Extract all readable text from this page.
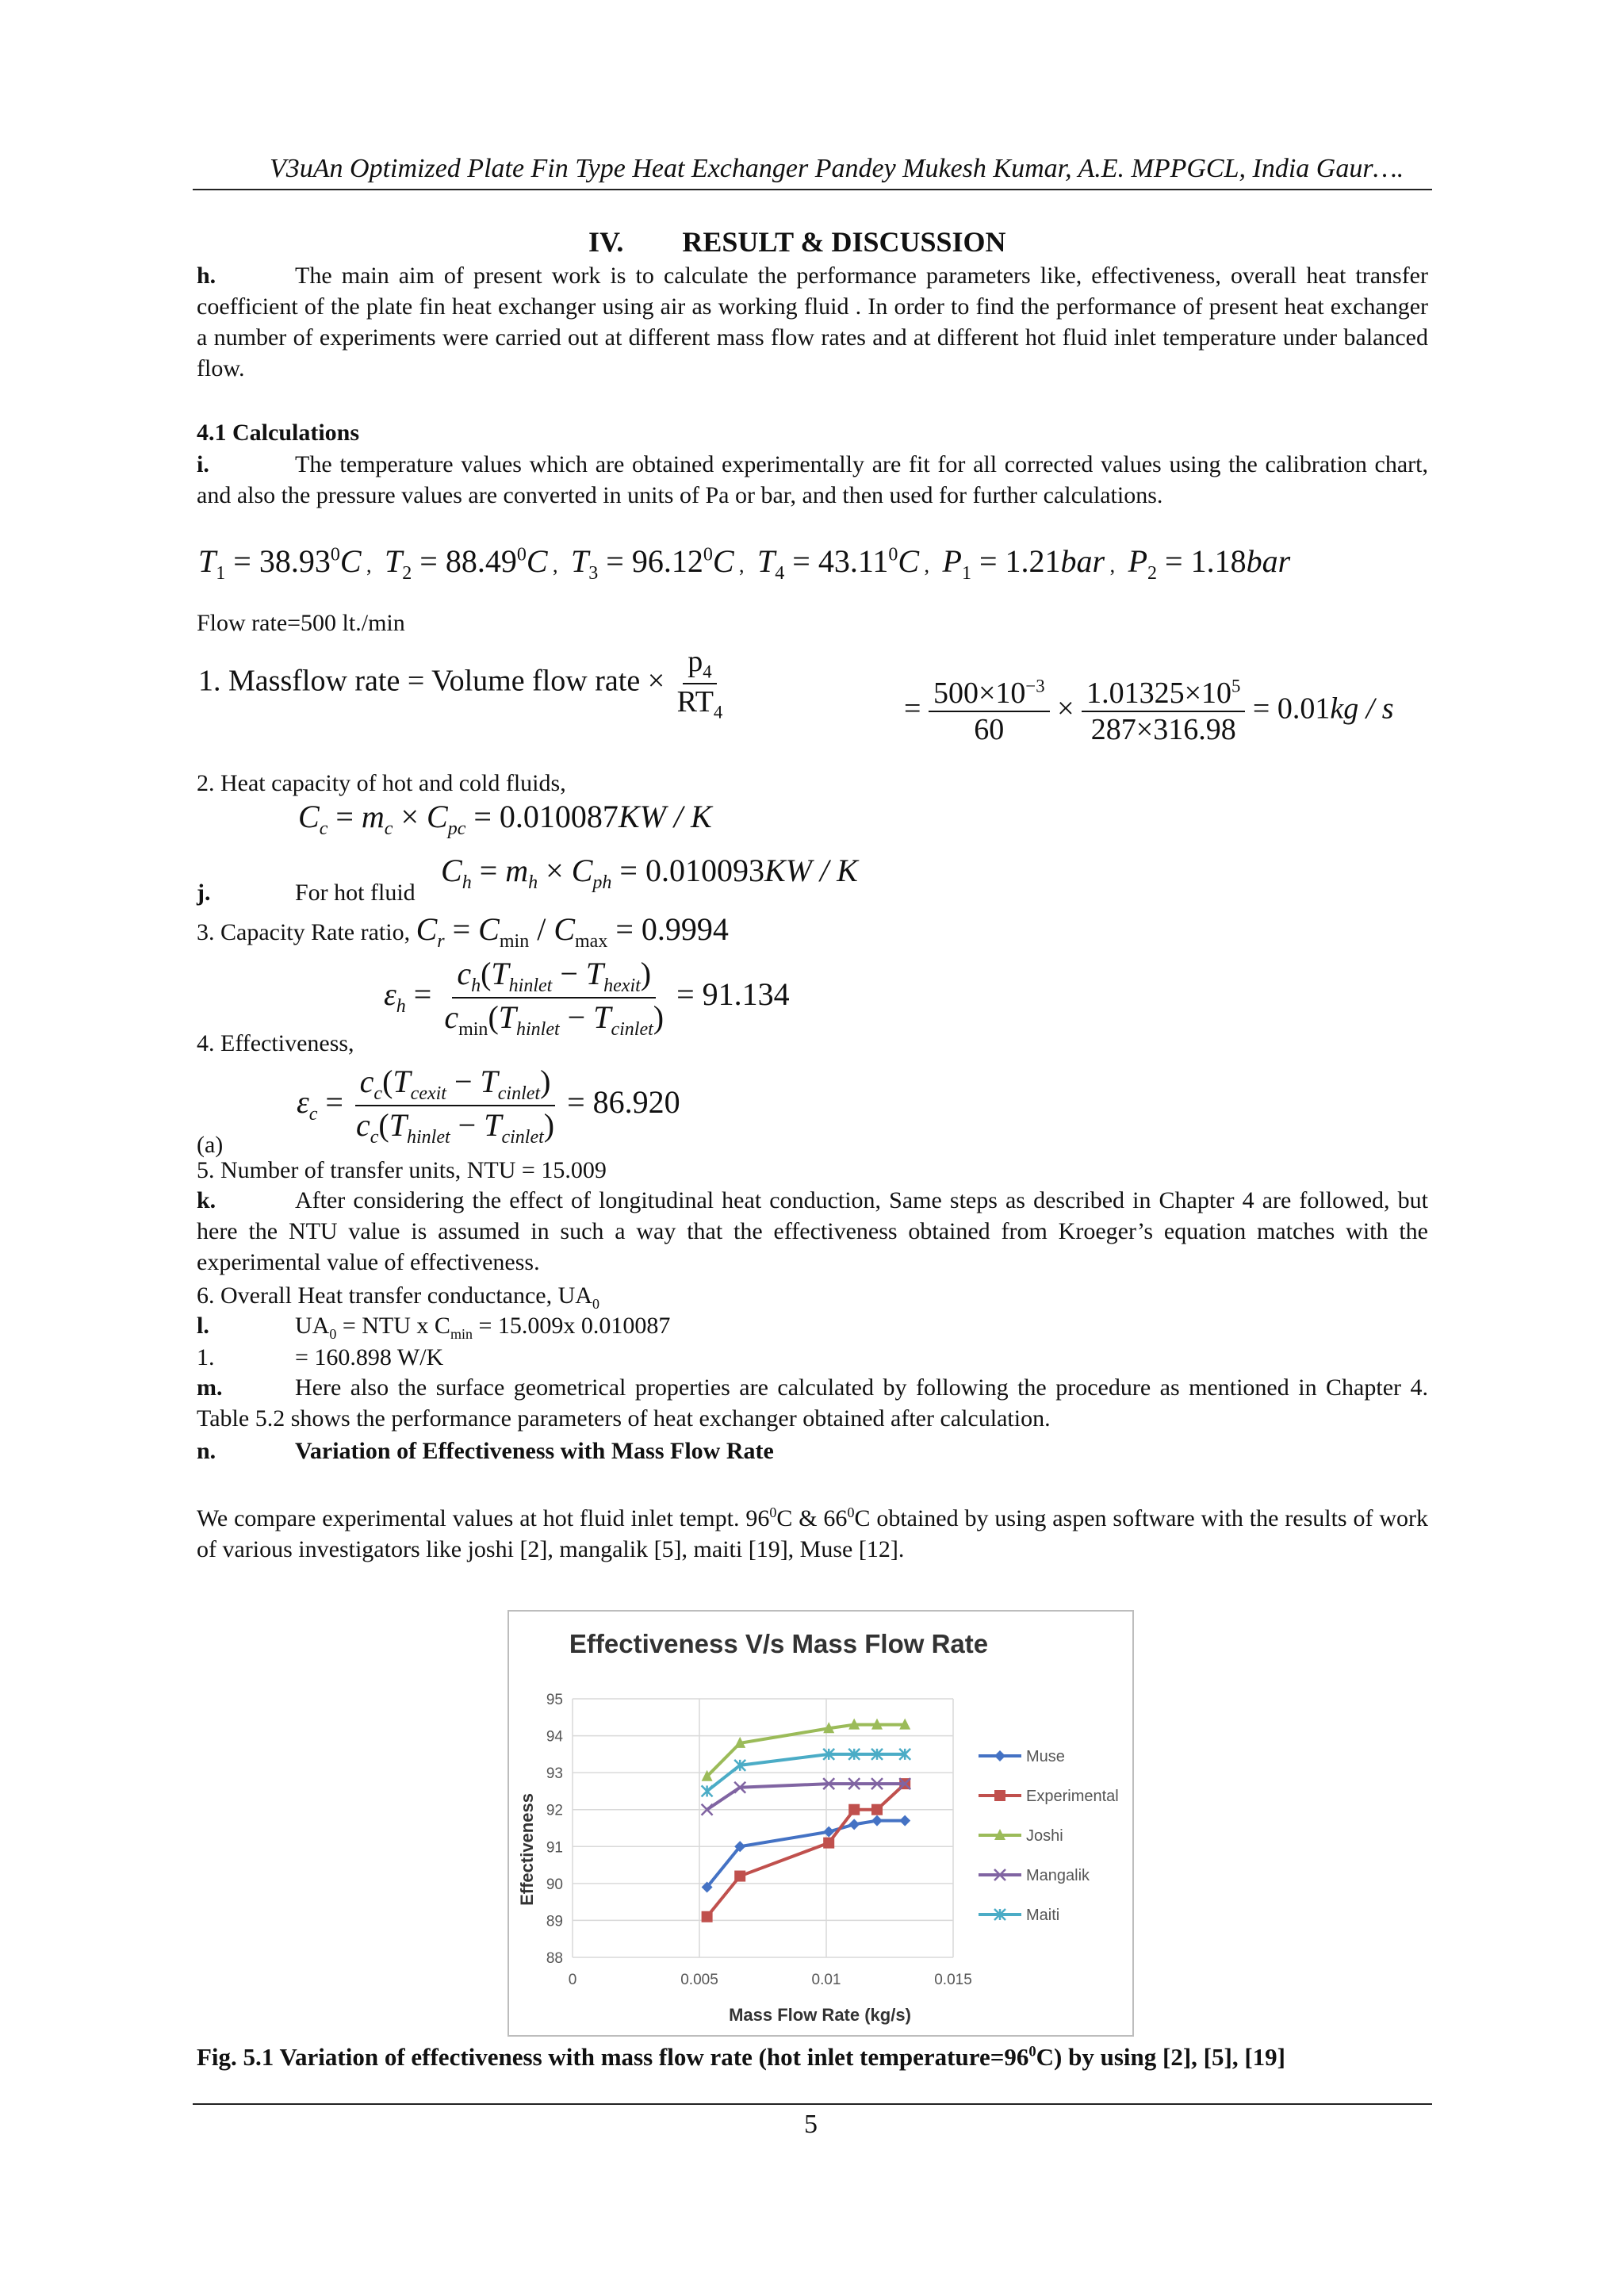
V3uAn Optimized Plate Fin Type Heat Exchanger Pandey Mukesh Kumar, A.E. MPPGCL, India Gaur….
IV. RESULT & DISCUSSION
h.	The main aim of present work is to calculate the performance parameters like, effectiveness, overall heat transfer coefficient of the plate fin heat exchanger using air as working fluid . In order to find the performance of present heat exchanger a number of experiments were carried out at different mass flow rates and at different hot fluid inlet temperature under balanced flow.
4.1 Calculations
i.	The temperature values which are obtained experimentally are fit for all corrected values using the calibration chart, and also the pressure values are converted in units of Pa or bar, and then used for further calculations.
$T_1 = 38.93^0C$ ,  $T_2 = 88.49^0C$ ,  $T_3 = 96.12^0C$ ,  $T_4 = 43.11^0C$ ,  $P_1 = 1.21bar$ ,  $P_2 = 1.18bar$
Flow rate=500 lt./min
1. Massflow rate = Volume flow rate × $\frac{p_4}{RT_4}$	= $\frac{500\times 10^{-3}}{60} \times \frac{1.01325\times 10^5}{287\times 316.98} = 0.01kg / s$
2. Heat capacity of hot and cold fluids,
$C_c = m_c \times C_{pc} = 0.010087KW / K$
j.	For hot fluid
$C_h = m_h \times C_{ph} = 0.010093KW / K$
3. Capacity Rate ratio, $C_r = C_{min} / C_{max} = 0.9994$
$\varepsilon_h = \frac{c_h(T_{hinlet} - T_{hexit})}{c_{min}(T_{hinlet} - T_{cinlet})} = 91.134$
4. Effectiveness,
$\varepsilon_c = \frac{c_c(T_{cexit} - T_{cinlet})}{c_c(T_{hinlet} - T_{cinlet})} = 86.920$
(a)
5. Number of transfer units, NTU = 15.009
k.	After considering the effect of longitudinal heat conduction, Same steps as described in Chapter 4 are followed, but here the NTU value is assumed in such a way that the effectiveness obtained from Kroeger’s equation matches with the experimental value of effectiveness.
6. Overall Heat transfer conductance, $UA_0$
l.	$UA_0$ = NTU x $C_{min} = 15.009x$ 0.010087
1.	= 160.898 W/K
m.	Here also the surface geometrical properties are calculated by following the procedure as mentioned in Chapter 4. Table 5.2 shows the performance parameters of heat exchanger obtained after calculation.
n.	Variation of Effectiveness with Mass Flow Rate
We compare experimental values at hot fluid inlet tempt. $96^0C$ & $66^0C$ obtained by using aspen software with the results of work of various investigators like joshi [2], mangalik [5], maiti [19], Muse [12].
Effectiveness V/s Mass Flow Rate
Effectiveness
Mass Flow Rate (kg/s)
88
89
90
91
92
93
94
95
0	0.005	0.01	0.015
Muse
Experimental
Joshi
Mangalik
Maiti
Fig. 5.1 Variation of effectiveness with mass flow rate (hot inlet $temperature=96^0C$) by using [2], [5], [19]
5
